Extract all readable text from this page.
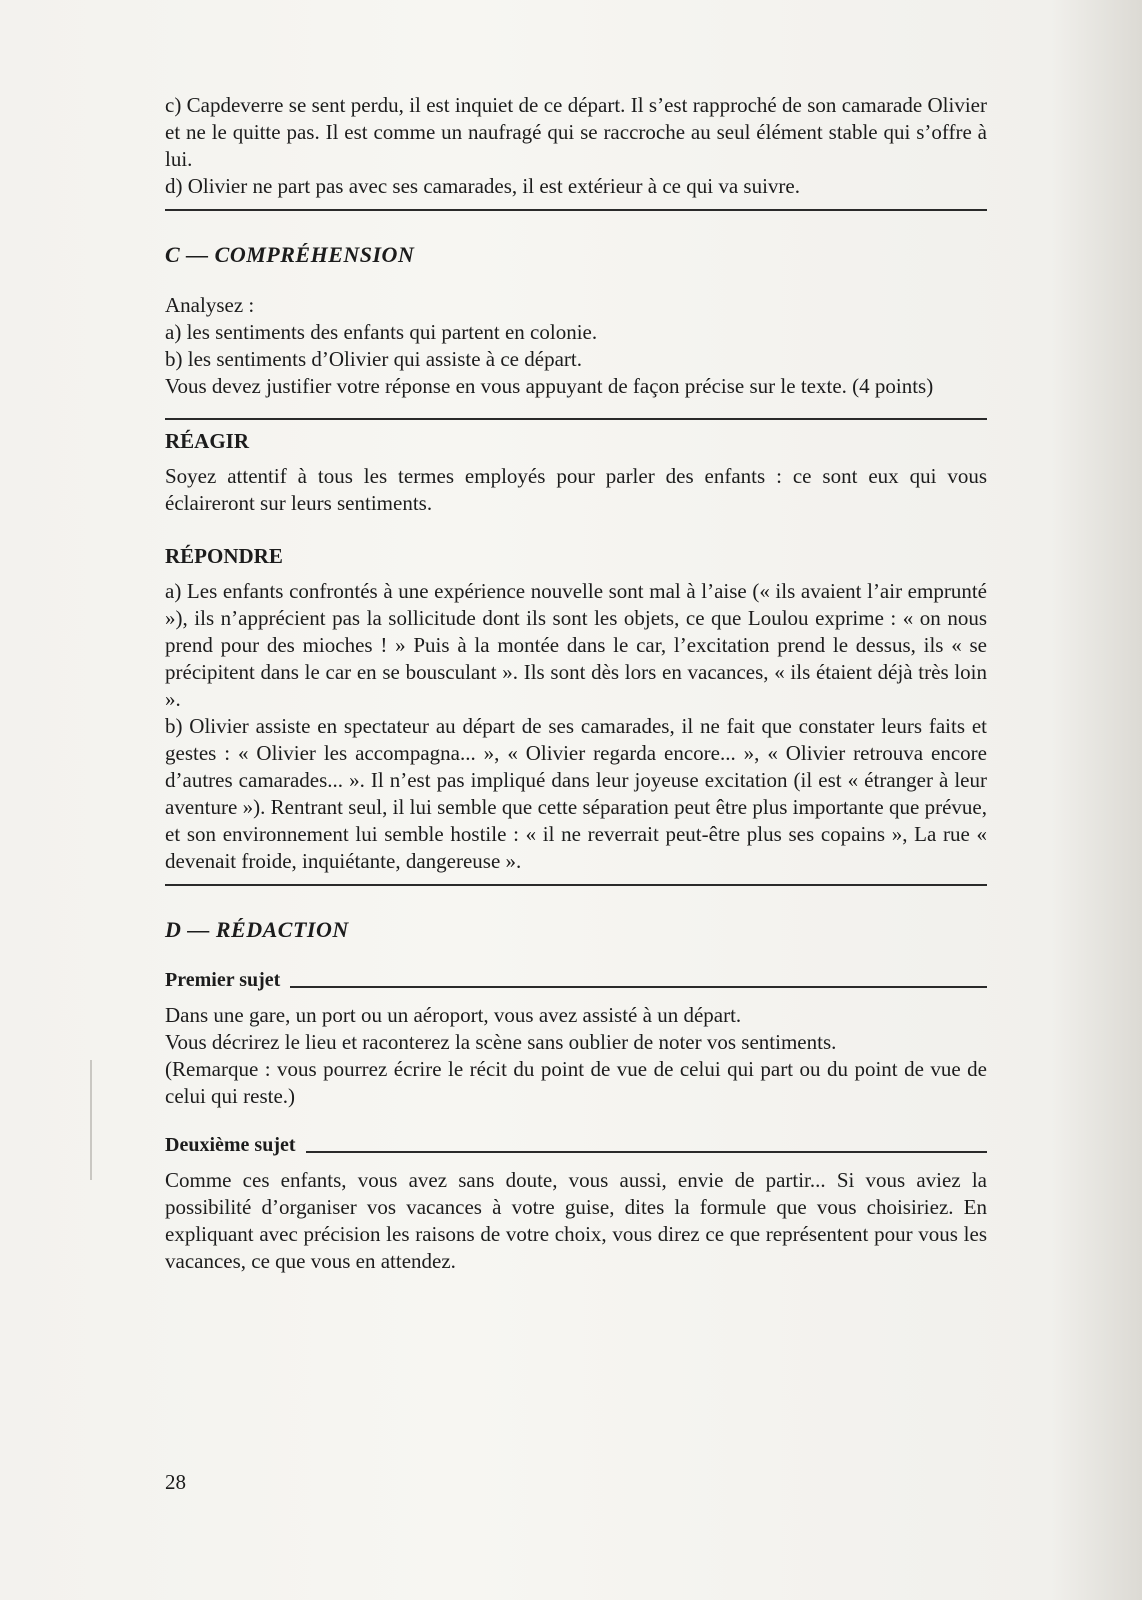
c) Capdeverre se sent perdu, il est inquiet de ce départ. Il s’est rapproché de son camarade Olivier et ne le quitte pas. Il est comme un naufragé qui se raccroche au seul élément stable qui s’offre à lui.

d) Olivier ne part pas avec ses camarades, il est extérieur à ce qui va suivre.

C — COMPRÉHENSION

Analysez :

a) les sentiments des enfants qui partent en colonie.

b) les sentiments d’Olivier qui assiste à ce départ.

Vous devez justifier votre réponse en vous appuyant de façon précise sur le texte. (4 points)

RÉAGIR

Soyez attentif à tous les termes employés pour parler des enfants : ce sont eux qui vous éclaireront sur leurs sentiments.

RÉPONDRE

a) Les enfants confrontés à une expérience nouvelle sont mal à l’aise (« ils avaient l’air emprunté »), ils n’apprécient pas la sollicitude dont ils sont les objets, ce que Loulou exprime : « on nous prend pour des mioches ! » Puis à la montée dans le car, l’excitation prend le dessus, ils « se précipitent dans le car en se bousculant ». Ils sont dès lors en vacances, « ils étaient déjà très loin ».

b) Olivier assiste en spectateur au départ de ses camarades, il ne fait que constater leurs faits et gestes : « Olivier les accompagna... », « Olivier regarda encore... », « Olivier retrouva encore d’autres camarades... ». Il n’est pas impliqué dans leur joyeuse excitation (il est « étranger à leur aventure »). Rentrant seul, il lui semble que cette séparation peut être plus importante que prévue, et son environnement lui semble hostile : « il ne reverrait peut-être plus ses copains », La rue « devenait froide, inquiétante, dangereuse ».

D — RÉDACTION
Premier sujet

Dans une gare, un port ou un aéroport, vous avez assisté à un départ.

Vous décrirez le lieu et raconterez la scène sans oublier de noter vos sentiments.

(Remarque : vous pourrez écrire le récit du point de vue de celui qui part ou du point de vue de celui qui reste.)

Deuxième sujet

Comme ces enfants, vous avez sans doute, vous aussi, envie de partir... Si vous aviez la possibilité d’organiser vos vacances à votre guise, dites la formule que vous choisiriez. En expliquant avec précision les raisons de votre choix, vous direz ce que représentent pour vous les vacances, ce que vous en attendez.

28
